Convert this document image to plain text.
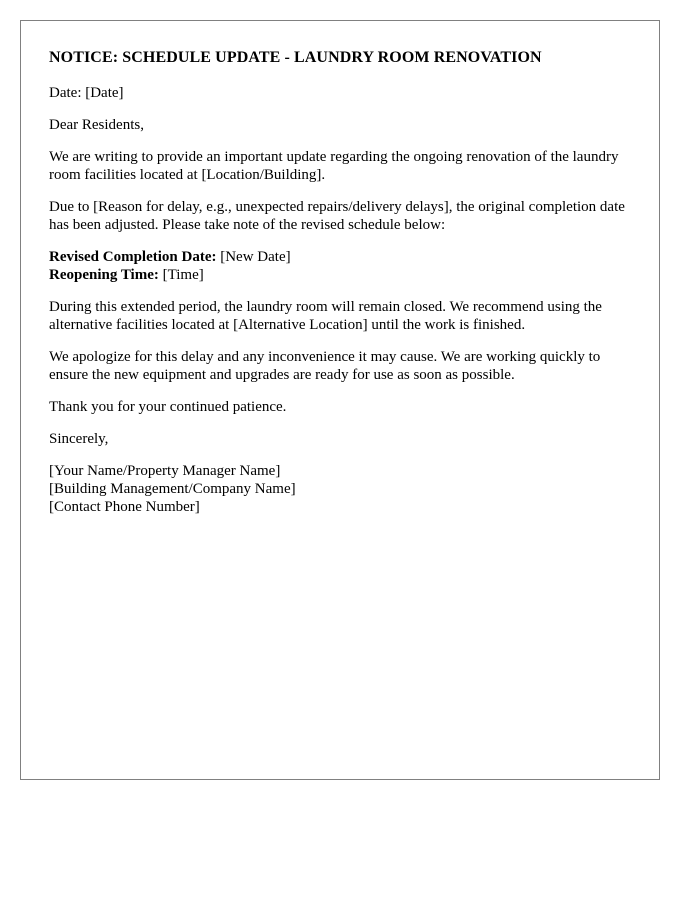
NOTICE: SCHEDULE UPDATE - LAUNDRY ROOM RENOVATION

Date: [Date]

Dear Residents,

We are writing to provide an important update regarding the ongoing renovation of the laundry room facilities located at [Location/Building].

Due to [Reason for delay, e.g., unexpected repairs/delivery delays], the original completion date has been adjusted. Please take note of the revised schedule below:

Revised Completion Date: [New Date]

Reopening Time: [Time]

During this extended period, the laundry room will remain closed. We recommend using the alternative facilities located at [Alternative Location] until the work is finished.

We apologize for this delay and any inconvenience it may cause. We are working quickly to ensure the new equipment and upgrades are ready for use as soon as possible.

Thank you for your continued patience.

Sincerely,

[Your Name/Property Manager Name]

[Building Management/Company Name]

[Contact Phone Number]
